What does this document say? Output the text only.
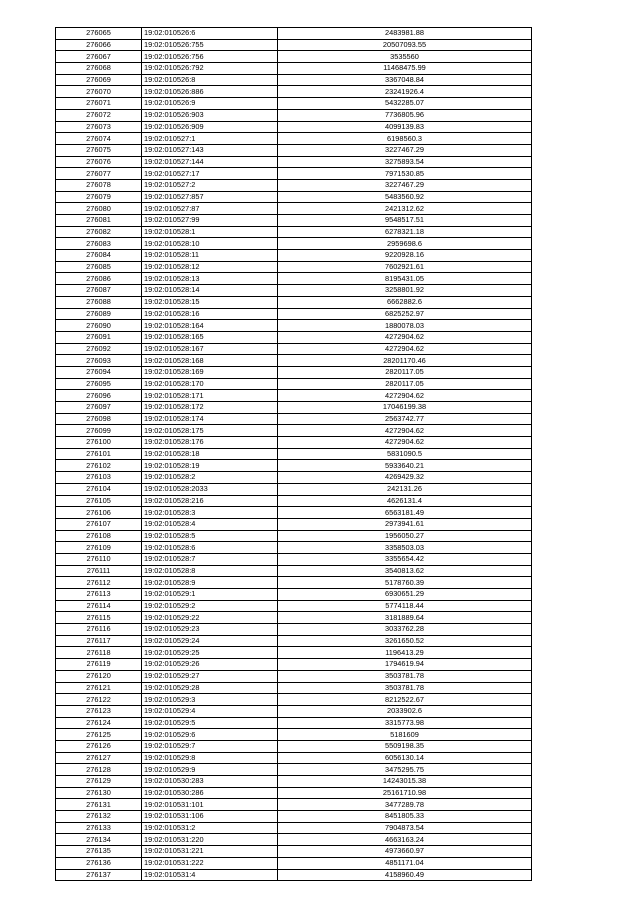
276065	19:02:010526:6	2483981.88
276066	19:02:010526:755	20507093.55
276067	19:02:010526:756	3535560
276068	19:02:010526:792	11468475.99
276069	19:02:010526:8	3367048.84
276070	19:02:010526:886	23241926.4
276071	19:02:010526:9	5432285.07
276072	19:02:010526:903	7736805.96
276073	19:02:010526:909	4099139.83
276074	19:02:010527:1	6198560.3
276075	19:02:010527:143	3227467.29
276076	19:02:010527:144	3275893.54
276077	19:02:010527:17	7971530.85
276078	19:02:010527:2	3227467.29
276079	19:02:010527:857	5483560.92
276080	19:02:010527:87	2421312.62
276081	19:02:010527:99	9548517.51
276082	19:02:010528:1	6278321.18
276083	19:02:010528:10	2959698.6
276084	19:02:010528:11	9220928.16
276085	19:02:010528:12	7602921.61
276086	19:02:010528:13	8195431.05
276087	19:02:010528:14	3258801.92
276088	19:02:010528:15	6662882.6
276089	19:02:010528:16	6825252.97
276090	19:02:010528:164	1880078.03
276091	19:02:010528:165	4272904.62
276092	19:02:010528:167	4272904.62
276093	19:02:010528:168	28201170.46
276094	19:02:010528:169	2820117.05
276095	19:02:010528:170	2820117.05
276096	19:02:010528:171	4272904.62
276097	19:02:010528:172	17046199.38
276098	19:02:010528:174	2563742.77
276099	19:02:010528:175	4272904.62
276100	19:02:010528:176	4272904.62
276101	19:02:010528:18	5831090.5
276102	19:02:010528:19	5933640.21
276103	19:02:010528:2	4269429.32
276104	19:02:010528:2033	242131.26
276105	19:02:010528:216	4626131.4
276106	19:02:010528:3	6563181.49
276107	19:02:010528:4	2973941.61
276108	19:02:010528:5	1956050.27
276109	19:02:010528:6	3358503.03
276110	19:02:010528:7	3355654.42
276111	19:02:010528:8	3540813.62
276112	19:02:010528:9	5178760.39
276113	19:02:010529:1	6930651.29
276114	19:02:010529:2	5774118.44
276115	19:02:010529:22	3181889.64
276116	19:02:010529:23	3033762.28
276117	19:02:010529:24	3261650.52
276118	19:02:010529:25	1196413.29
276119	19:02:010529:26	1794619.94
276120	19:02:010529:27	3503781.78
276121	19:02:010529:28	3503781.78
276122	19:02:010529:3	8212522.67
276123	19:02:010529:4	2033902.6
276124	19:02:010529:5	3315773.98
276125	19:02:010529:6	5181609
276126	19:02:010529:7	5509198.35
276127	19:02:010529:8	6056130.14
276128	19:02:010529:9	3475295.75
276129	19:02:010530:283	14243015.38
276130	19:02:010530:286	25161710.98
276131	19:02:010531:101	3477289.78
276132	19:02:010531:106	8451805.33
276133	19:02:010531:2	7904873.54
276134	19:02:010531:220	4663163.24
276135	19:02:010531:221	4973660.97
276136	19:02:010531:222	4851171.04
276137	19:02:010531:4	4158960.49
